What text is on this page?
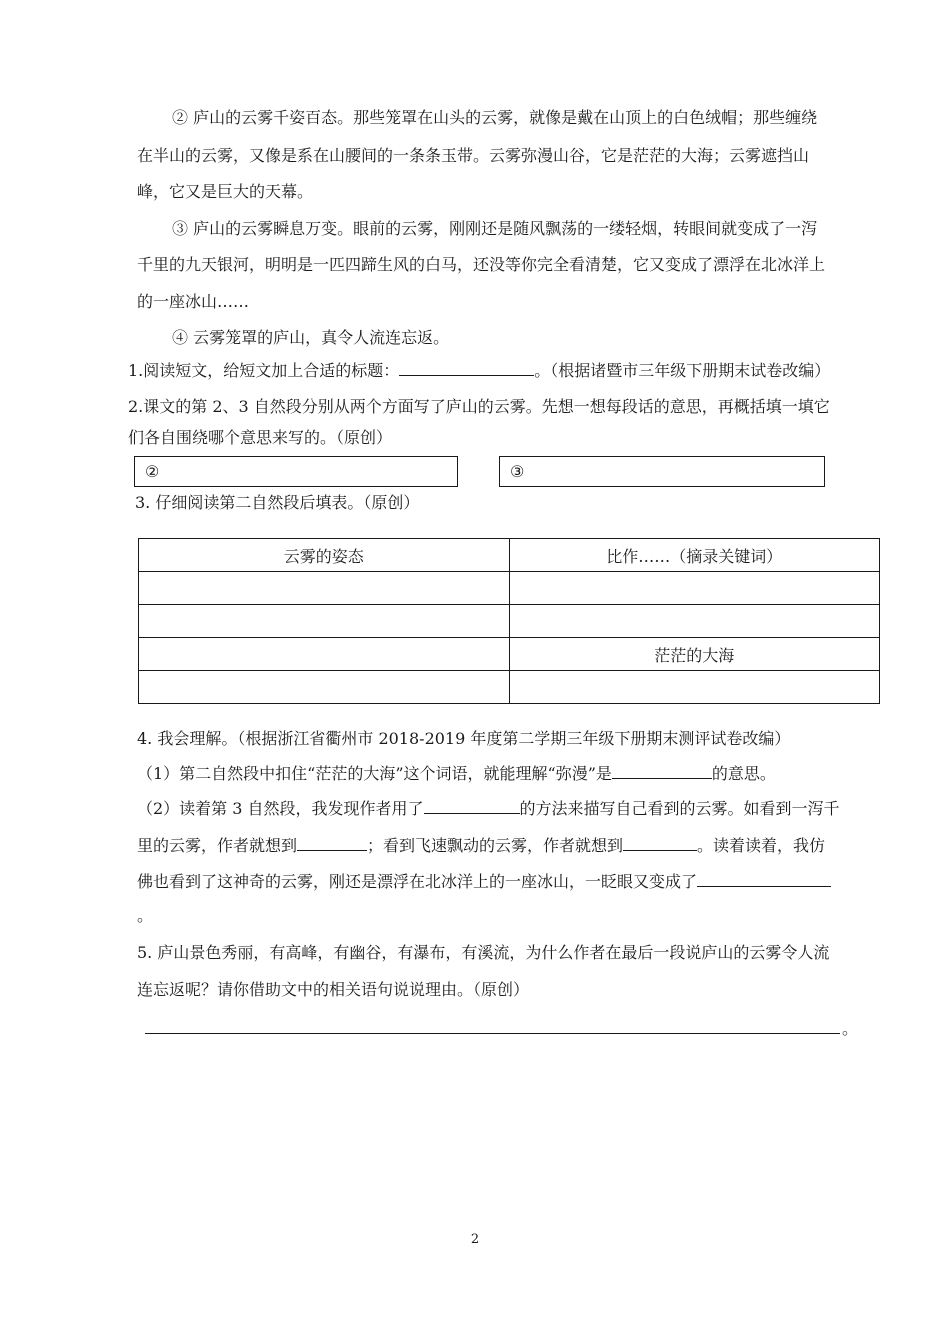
② 庐山的云雾千姿百态。那些笼罩在山头的云雾，就像是戴在山顶上的白色绒帽；那些缠绕
在半山的云雾，又像是系在山腰间的一条条玉带。云雾弥漫山谷，它是茫茫的大海；云雾遮挡山
峰，它又是巨大的天幕。
③ 庐山的云雾瞬息万变。眼前的云雾，刚刚还是随风飘荡的一缕轻烟，转眼间就变成了一泻
千里的九天银河，明明是一匹四蹄生风的白马，还没等你完全看清楚，它又变成了漂浮在北冰洋上
的一座冰山……
④ 云雾笼罩的庐山，真令人流连忘返。
1.阅读短文，给短文加上合适的标题：	。（根据诸暨市三年级下册期末试卷改编）
2.课文的第 2、3 自然段分别从两个方面写了庐山的云雾。先想一想每段话的意思，再概括填一填它
们各自围绕哪个意思来写的。（原创）
②	③
3. 仔细阅读第二自然段后填表。（原创）
云雾的姿态	比作……（摘录关键词）

	茫茫的大海

4. 我会理解。（根据浙江省衢州市 2018-2019 年度第二学期三年级下册期末测评试卷改编）
（1）第二自然段中扣住“茫茫的大海”这个词语，就能理解“弥漫”是	的意思。
（2）读着第 3 自然段，我发现作者用了	的方法来描写自己看到的云雾。如看到一泻千
里的云雾，作者就想到	；看到飞速飘动的云雾，作者就想到	。读着读着，我仿
佛也看到了这神奇的云雾，刚还是漂浮在北冰洋上的一座冰山，一眨眼又变成了
。
5. 庐山景色秀丽，有高峰，有幽谷，有瀑布，有溪流，为什么作者在最后一段说庐山的云雾令人流
连忘返呢？请你借助文中的相关语句说说理由。（原创）
。
2
